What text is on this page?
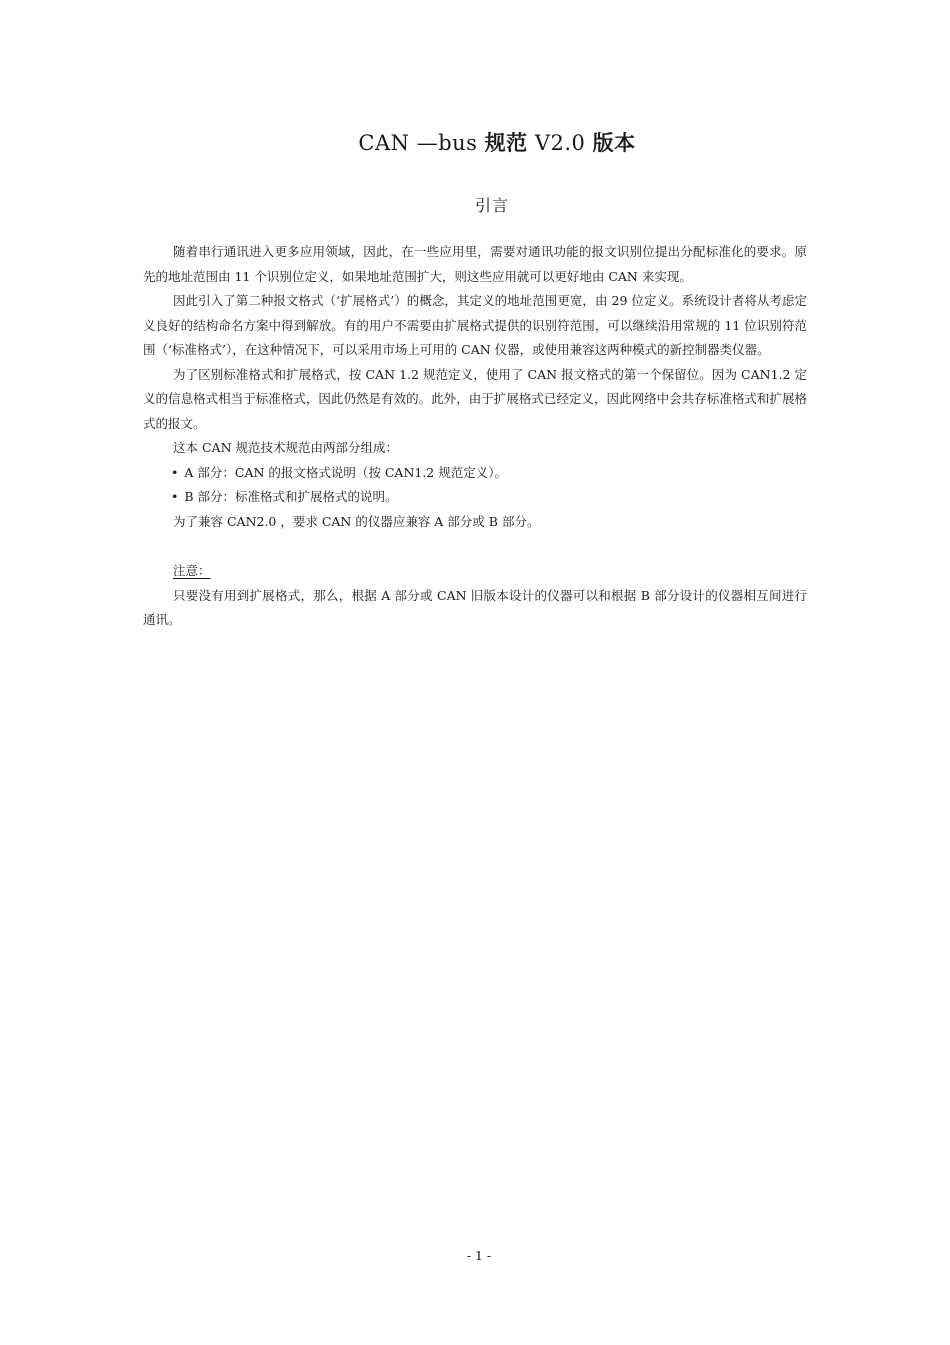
CAN —bus 规范 V2.0 版本
引言

随着串行通讯进入更多应用领域，因此，在一些应用里，需要对通讯功能的报文识别位提出分配标准化的要求。原先的地址范围由 11 个识别位定义，如果地址范围扩大，则这些应用就可以更好地由 CAN 来实现。

因此引入了第二种报文格式（‘扩展格式’）的概念，其定义的地址范围更宽，由 29 位定义。系统设计者将从考虑定义良好的结构命名方案中得到解放。有的用户不需要由扩展格式提供的识别符范围，可以继续沿用常规的 11 位识别符范围（‘标准格式’），在这种情况下，可以采用市场上可用的 CAN 仪器，或使用兼容这两种模式的新控制器类仪器。

为了区别标准格式和扩展格式，按 CAN 1.2 规范定义，使用了 CAN 报文格式的第一个保留位。因为 CAN1.2 定义的信息格式相当于标准格式，因此仍然是有效的。此外，由于扩展格式已经定义，因此网络中会共存标准格式和扩展格式的报文。

这本 CAN 规范技术规范由两部分组成：

• A 部分：CAN 的报文格式说明（按 CAN1.2 规范定义）。
• B 部分：标准格式和扩展格式的说明。

为了兼容 CAN2.0 ，要求 CAN 的仪器应兼容 A 部分或 B 部分。

注意：

只要没有用到扩展格式，那么，根据 A 部分或 CAN 旧版本设计的仪器可以和根据 B 部分设计的仪器相互间进行通讯。

- 1 -
